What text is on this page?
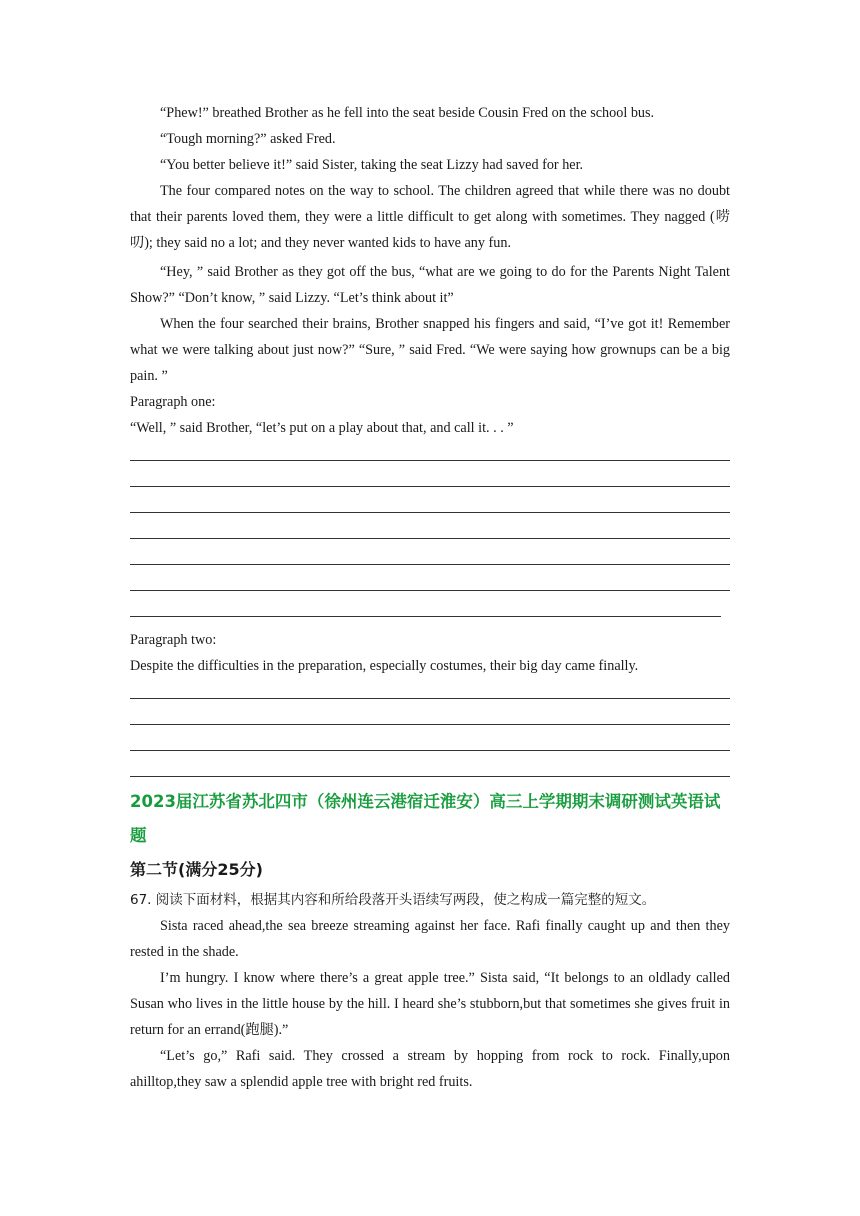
“Phew!” breathed Brother as he fell into the seat beside Cousin Fred on the school bus.

“Tough morning?” asked Fred.

“You better believe it!” said Sister, taking the seat Lizzy had saved for her.

The four compared notes on the way to school. The children agreed that while there was no doubt that their parents loved them, they were a little difficult to get along with sometimes. They nagged (唠叨); they said no a lot; and they never wanted kids to have any fun.

“Hey, ” said Brother as they got off the bus, “what are we going to do for the Parents Night Talent Show?” “Don’t know, ” said Lizzy. “Let’s think about it”

When the four searched their brains, Brother snapped his fingers and said, “I’ve got it! Remember what we were talking about just now?” “Sure, ” said Fred. “We were saying how grownups can be a big pain. ”

Paragraph one:

“Well, ” said Brother, “let’s put on a play about that, and call it. . . ”

Paragraph two:

Despite the difficulties in the preparation, especially costumes, their big day came finally.

2023届江苏省苏北四市（徐州连云港宿迁淮安）高三上学期期末调研测试英语试题

第二节(满分25分)

67. 阅读下面材料，根据其内容和所给段落开头语续写两段，使之构成一篇完整的短文。

Sista raced ahead,the sea breeze streaming against her face. Rafi finally caught up and then they rested in the shade.

I’m hungry. I know where there’s a great apple tree.” Sista said, “It belongs to an oldlady called Susan who lives in the little house by the hill. I heard she’s stubborn,but that sometimes she gives fruit in return for an errand(跑腿).”

“Let’s go,” Rafi said. They crossed a stream by hopping from rock to rock. Finally,upon ahilltop,they saw a splendid apple tree with bright red fruits.
